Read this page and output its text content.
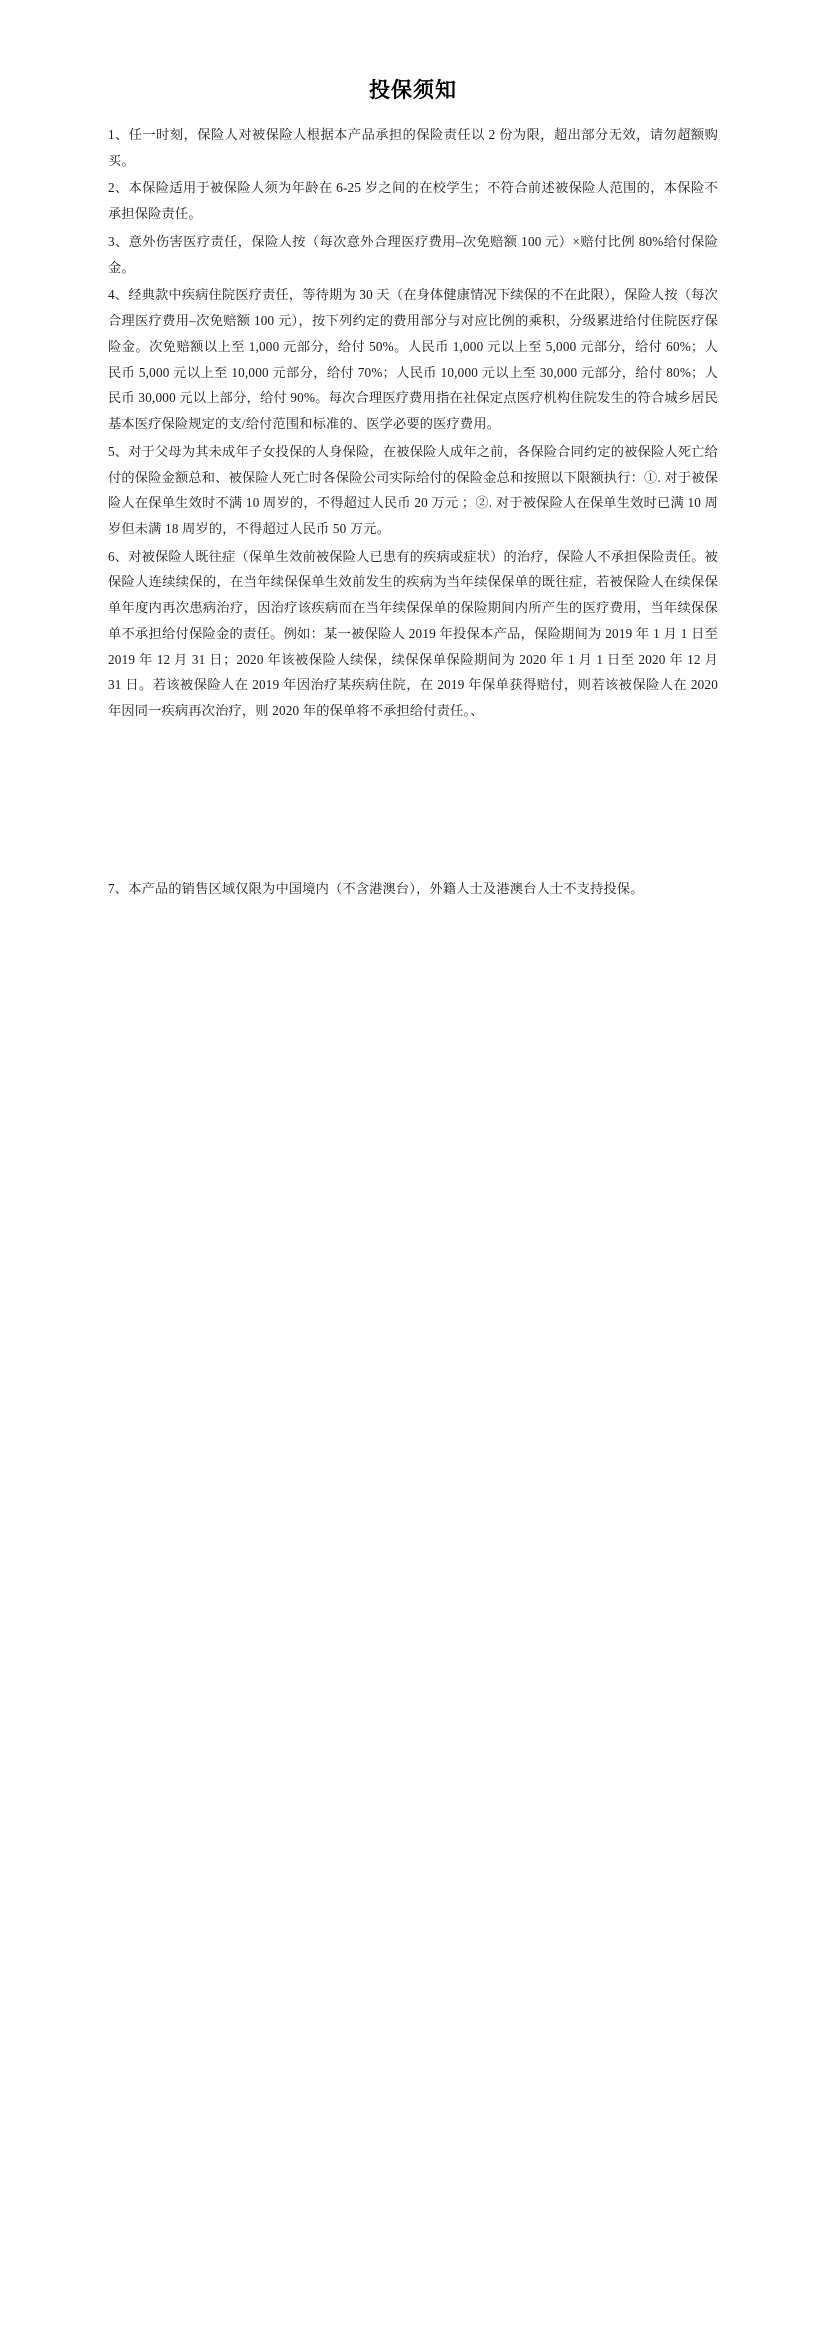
投保须知

1、任一时刻，保险人对被保险人根据本产品承担的保险责任以 2 份为限，超出部分无效，请勿超额购买。

2、本保险适用于被保险人须为年龄在 6-25 岁之间的在校学生；不符合前述被保险人范围的，本保险不承担保险责任。

3、意外伤害医疗责任，保险人按（每次意外合理医疗费用–次免赔额 100 元）×赔付比例 80%给付保险金。

4、经典款中疾病住院医疗责任，等待期为 30 天（在身体健康情况下续保的不在此限），保险人按（每次合理医疗费用–次免赔额 100 元），按下列约定的费用部分与对应比例的乘积，分级累进给付住院医疗保险金。次免赔额以上至 1,000 元部分，给付 50%。人民币 1,000 元以上至 5,000 元部分，给付 60%；人民币 5,000 元以上至 10,000 元部分，给付 70%；人民币 10,000 元以上至 30,000 元部分，给付 80%；人民币 30,000 元以上部分，给付 90%。每次合理医疗费用指在社保定点医疗机构住院发生的符合城乡居民基本医疗保险规定的支/给付范围和标准的、医学必要的医疗费用。

5、对于父母为其未成年子女投保的人身保险，在被保险人成年之前，各保险合同约定的被保险人死亡给付的保险金额总和、被保险人死亡时各保险公司实际给付的保险金总和按照以下限额执行：①. 对于被保险人在保单生效时不满 10 周岁的，不得超过人民币 20 万元 ；②. 对于被保险人在保单生效时已满 10 周岁但未满 18 周岁的，不得超过人民币 50 万元。

6、对被保险人既往症（保单生效前被保险人已患有的疾病或症状）的治疗，保险人不承担保险责任。被保险人连续续保的，在当年续保保单生效前发生的疾病为当年续保保单的既往症，若被保险人在续保保单年度内再次患病治疗，因治疗该疾病而在当年续保保单的保险期间内所产生的医疗费用，当年续保保单不承担给付保险金的责任。例如：某一被保险人 2019 年投保本产品，保险期间为 2019 年 1 月 1 日至 2019 年 12 月 31 日；2020 年该被保险人续保，续保保单保险期间为 2020 年 1 月 1 日至 2020 年 12 月 31 日。若该被保险人在 2019 年因治疗某疾病住院，在 2019 年保单获得赔付，则若该被保险人在 2020 年因同一疾病再次治疗，则 2020 年的保单将不承担给付责任。、

7、本产品的销售区域仅限为中国境内（不含港澳台），外籍人士及港澳台人士不支持投保。
